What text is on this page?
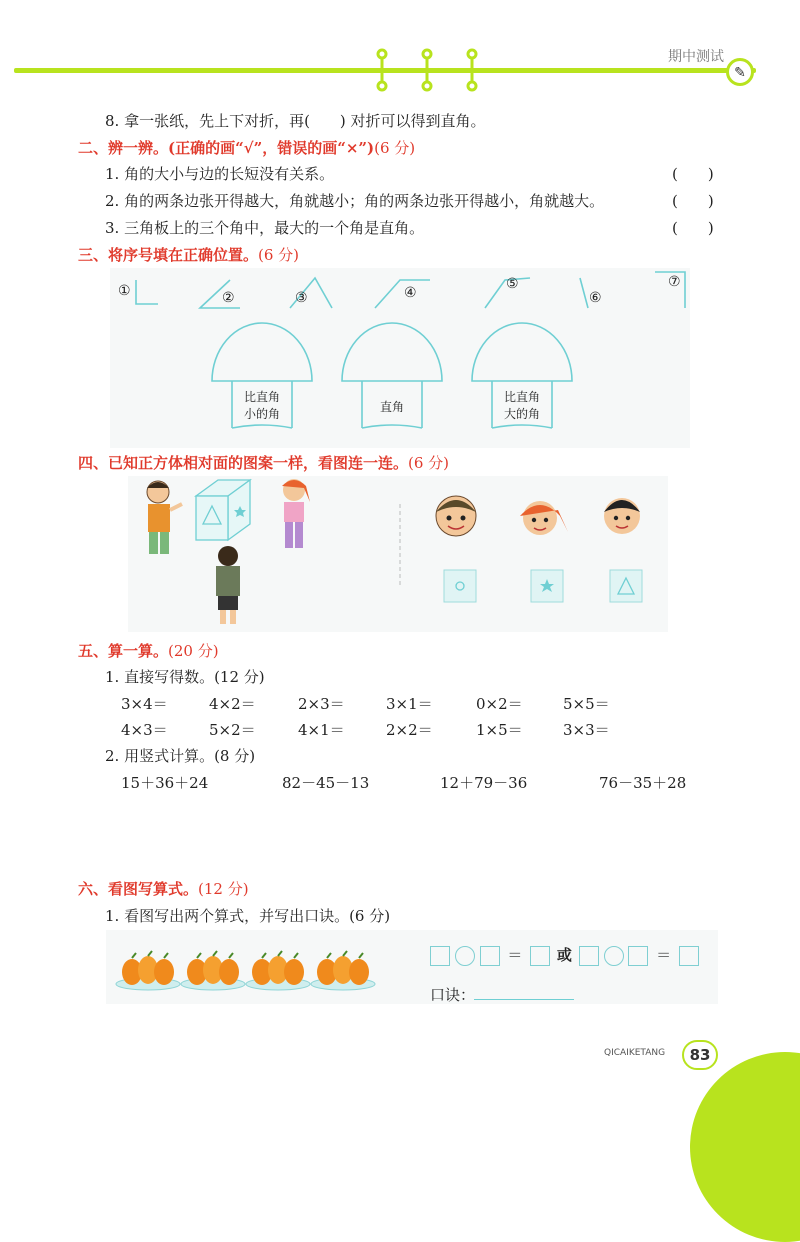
期中测试
✎
8. 拿一张纸，先上下对折，再(　　) 对折可以得到直角。
二、辨一辨。(正确的画“√”，错误的画“×”)(6 分)
1. 角的大小与边的长短没有关系。	(　　)
2. 角的两条边张开得越大，角就越小；角的两条边张开得越小，角就越大。	(　　)
3. 三角板上的三个角中，最大的一个角是直角。	(　　)
三、将序号填在正确位置。(6 分)
①	②	③	④
⑤
⑥
⑦
比直角
小的角	直角
比直角
大的角
四、已知正方体相对面的图案一样，看图连一连。(6 分)
五、算一算。(20 分)
1. 直接写得数。(12 分)
3×4＝	4×2＝	2×3＝	3×1＝	0×2＝	5×5＝
4×3＝	5×2＝	4×1＝	2×2＝	1×5＝	3×3＝
2. 用竖式计算。(8 分)
15＋36＋24	82－45－13	12＋79－36	76－35＋28
六、看图写算式。(12 分)
1. 看图写出两个算式，并写出口诀。(6 分)
＝ 或	＝
口诀：
QICAIKETANG	83
